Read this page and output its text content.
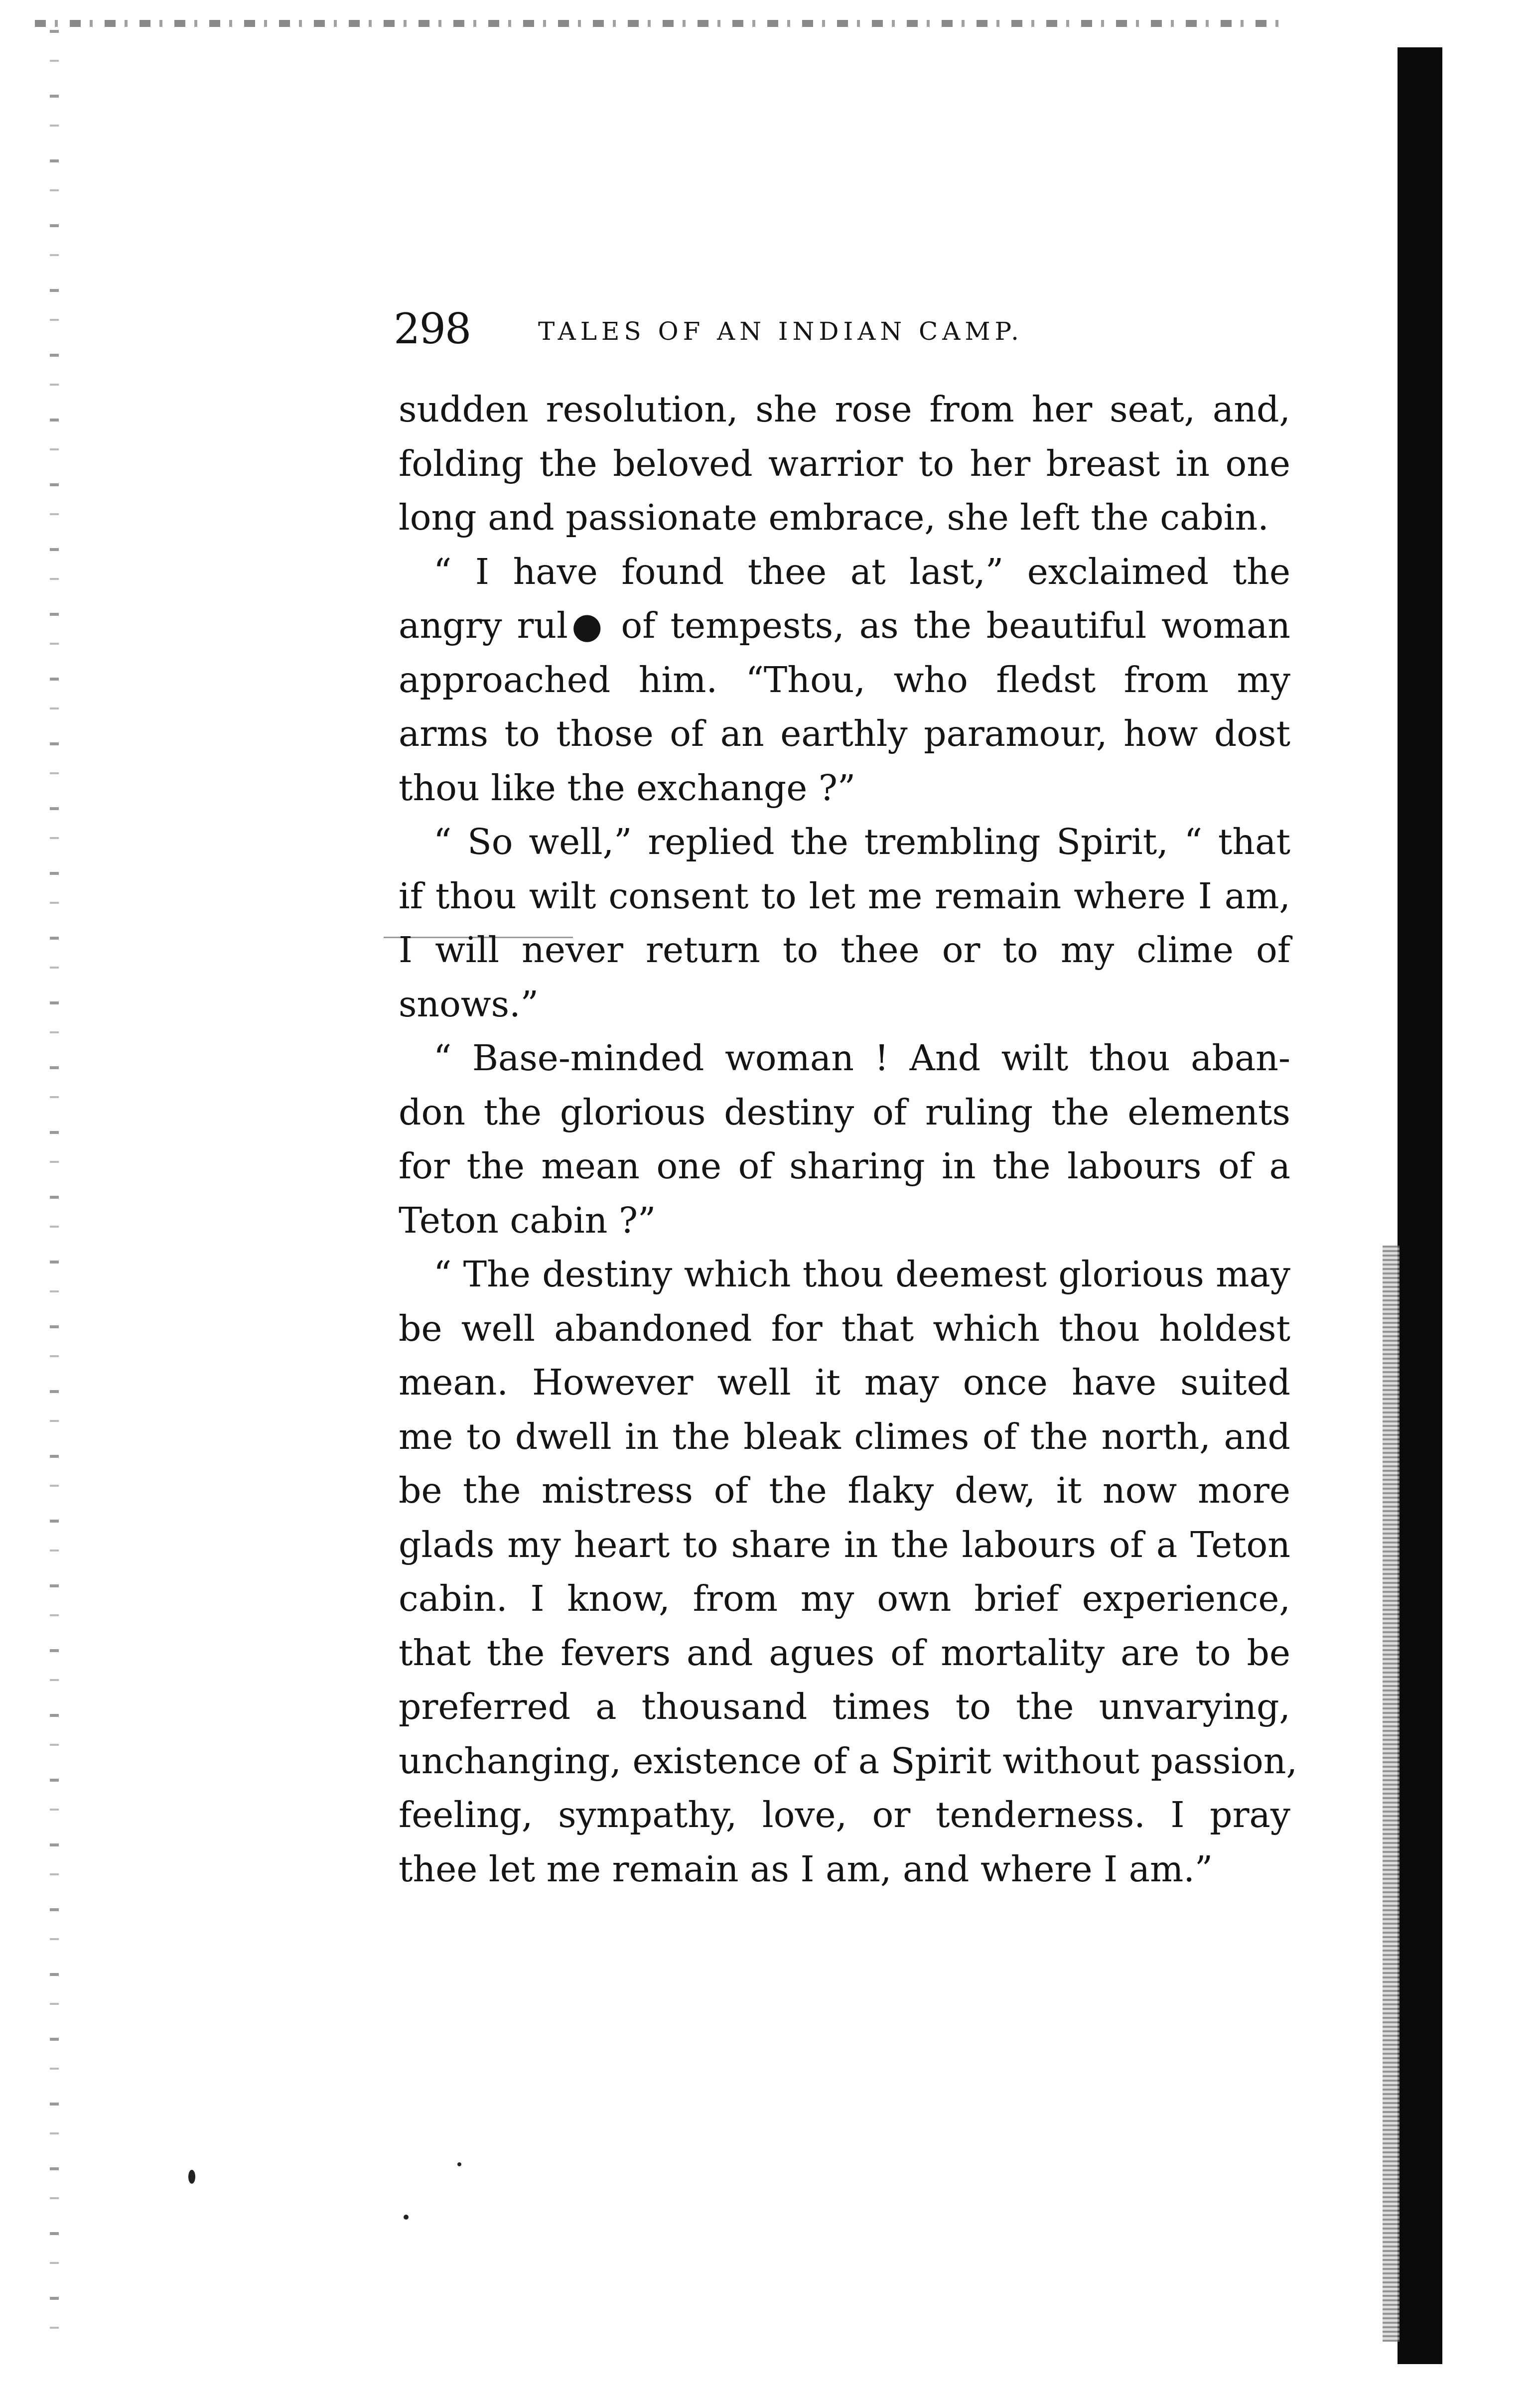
298	TALES OF AN INDIAN CAMP.
sudden resolution, she rose from her seat, and,
folding the beloved warrior to her breast in one
long and passionate embrace, she left the cabin.
“ I have found thee at last,” exclaimed the
angry rul● of tempests, as the beautiful woman
approached him. “Thou, who fledst from my
arms to those of an earthly paramour, how dost
thou like the exchange ?”
“ So well,” replied the trembling Spirit, “ that
if thou wilt consent to let me remain where I am,
I will never return to thee or to my clime of
snows.”
“ Base-minded woman ! And wilt thou aban-
don the glorious destiny of ruling the elements
for the mean one of sharing in the labours of a
Teton cabin ?”
“ The destiny which thou deemest glorious may
be well abandoned for that which thou holdest
mean. However well it may once have suited
me to dwell in the bleak climes of the north, and
be the mistress of the flaky dew, it now more
glads my heart to share in the labours of a Teton
cabin. I know, from my own brief experience,
that the fevers and agues of mortality are to be
preferred a thousand times to the unvarying,
unchanging, existence of a Spirit without passion,
feeling, sympathy, love, or tenderness. I pray
thee let me remain as I am, and where I am.”
